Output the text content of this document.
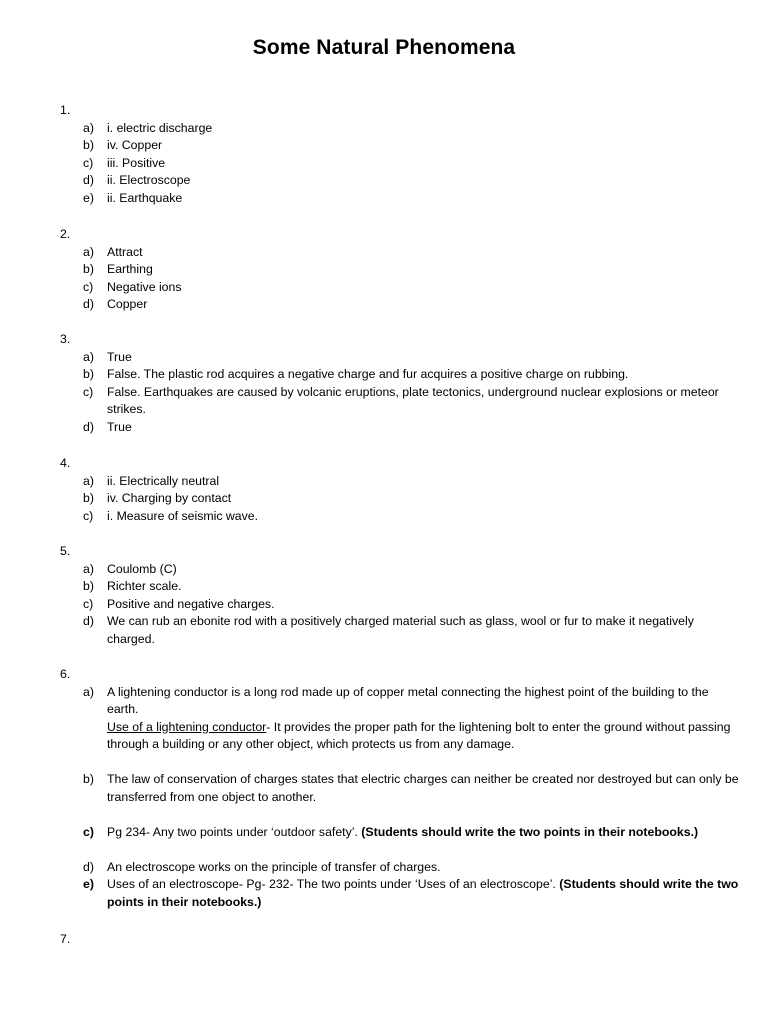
Some Natural Phenomena
1.
a) i. electric discharge
b) iv. Copper
c) iii. Positive
d) ii. Electroscope
e) ii. Earthquake
2.
a) Attract
b) Earthing
c) Negative ions
d) Copper
3.
a) True
b) False. The plastic rod acquires a negative charge and fur acquires a positive charge on rubbing.
c) False. Earthquakes are caused by volcanic eruptions, plate tectonics, underground nuclear explosions or meteor strikes.
d) True
4.
a) ii. Electrically neutral
b) iv. Charging by contact
c) i. Measure of seismic wave.
5.
a) Coulomb (C)
b) Richter scale.
c) Positive and negative charges.
d) We can rub an ebonite rod with a positively charged material such as glass, wool or fur to make it negatively charged.
6.
a) A lightening conductor is a long rod made up of copper metal connecting the highest point of the building to the earth.
Use of a lightening conductor- It provides the proper path for the lightening bolt to enter the ground without passing through a building or any other object, which protects us from any damage.
b) The law of conservation of charges states that electric charges can neither be created nor destroyed but can only be transferred from one object to another.
c) Pg 234- Any two points under ‘outdoor safety’. (Students should write the two points in their notebooks.)
d) An electroscope works on the principle of transfer of charges.
e) Uses of an electroscope- Pg- 232- The two points under ‘Uses of an electroscope’. (Students should write the two points in their notebooks.)
7.
